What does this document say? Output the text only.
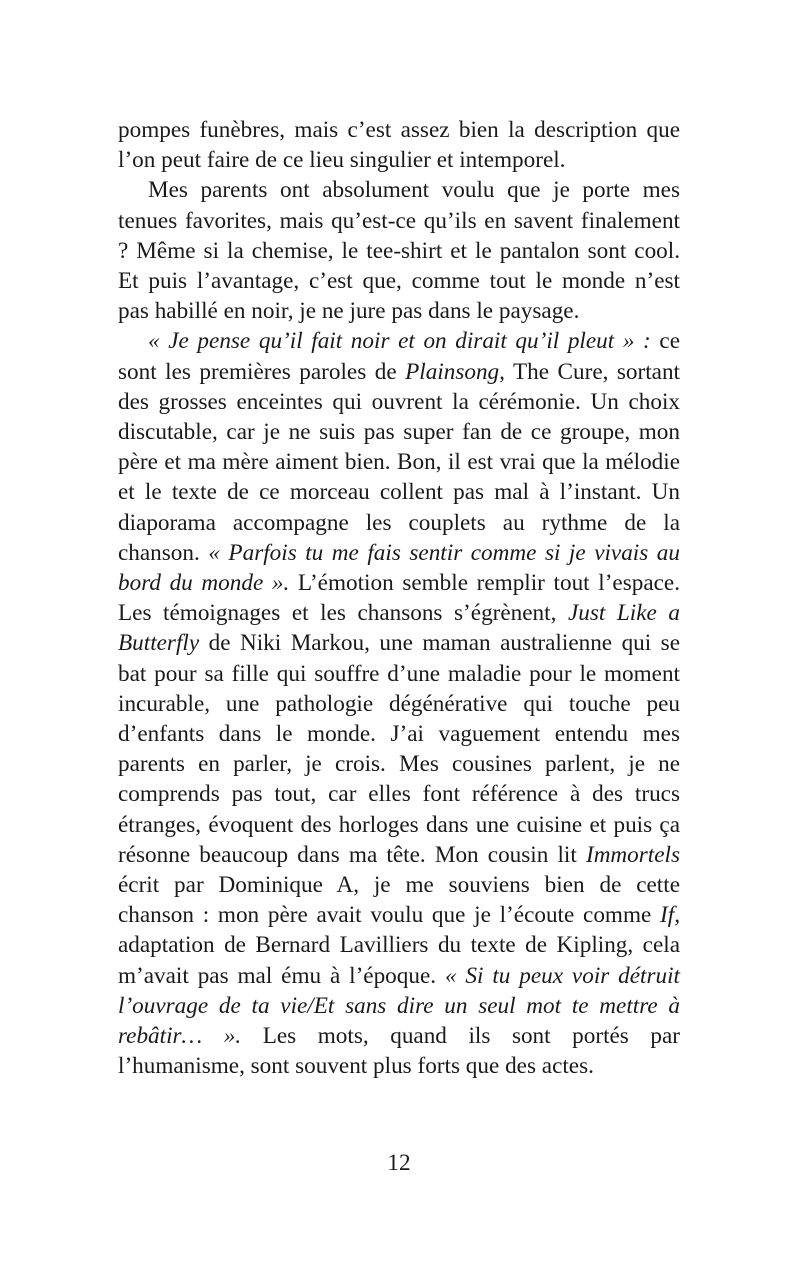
pompes funèbres, mais c’est assez bien la description que l’on peut faire de ce lieu singulier et intemporel.

Mes parents ont absolument voulu que je porte mes tenues favorites, mais qu’est-ce qu’ils en savent finalement ? Même si la chemise, le tee-shirt et le pantalon sont cool. Et puis l’avantage, c’est que, comme tout le monde n’est pas habillé en noir, je ne jure pas dans le paysage.

« Je pense qu’il fait noir et on dirait qu’il pleut » : ce sont les premières paroles de Plainsong, The Cure, sortant des grosses enceintes qui ouvrent la cérémonie. Un choix discutable, car je ne suis pas super fan de ce groupe, mon père et ma mère aiment bien. Bon, il est vrai que la mélodie et le texte de ce morceau collent pas mal à l’instant. Un diaporama accompagne les couplets au rythme de la chanson. « Parfois tu me fais sentir comme si je vivais au bord du monde ». L’émotion semble remplir tout l’espace. Les témoignages et les chansons s’égrènent, Just Like a Butterfly de Niki Markou, une maman australienne qui se bat pour sa fille qui souffre d’une maladie pour le moment incurable, une pathologie dégénérative qui touche peu d’enfants dans le monde. J’ai vaguement entendu mes parents en parler, je crois. Mes cousines parlent, je ne comprends pas tout, car elles font référence à des trucs étranges, évoquent des horloges dans une cuisine et puis ça résonne beaucoup dans ma tête. Mon cousin lit Immortels écrit par Dominique A, je me souviens bien de cette chanson : mon père avait voulu que je l’écoute comme If, adaptation de Bernard Lavilliers du texte de Kipling, cela m’avait pas mal ému à l’époque. « Si tu peux voir détruit l’ouvrage de ta vie/Et sans dire un seul mot te mettre à rebâtir… ». Les mots, quand ils sont portés par l’humanisme, sont souvent plus forts que des actes.

12
